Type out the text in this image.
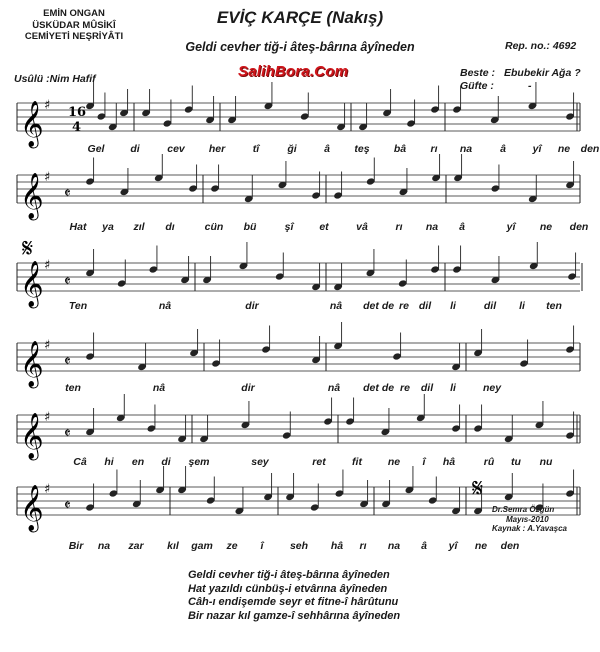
EMİN ONGAN
ÜSKÜDAR MÛSİKÎ
CEMİYETİ NEŞRİYÂTI
EVİÇ KARÇE (Nakış)
Geldi cevher tiğ-i âteş-bârına âyîneden	Rep. no.: 4692
Usûlü :Nim Hafif	SalihBora.Com	Beste : Ebubekir Ağa ?
Güfte :	-
𝄋
𝄋
16
4
𝄞 ♯
𝄞 ♯
𝄵
𝄞 ♯
𝄵
𝄞 ♯
𝄵
𝄞 ♯
𝄵
𝄞 ♯
𝄵
Gel di	cev her	tî	ği	â teş bâ rı na	â	yî ne den
Hat ya zıl dı	cün bü	şî et	vâ	rı na â	yî ne den
Ten	nâ	dir	nâ det de re dil li	dil li ten
ten	nâ	dir	nâ det de re dil li	ney
Câ hi en di şem	sey	ret	fit ne î hâ	rû tu nu
Bir na zar kıl gam ze î	seh hâ rı na â yî ne den
Dr.Semra Özgün
Mayıs-2010
Kaynak : A.Yavaşca
Geldi cevher tiğ-i âteş-bârına âyîneden
Hat yazıldı cünbüş-i etvârına âyîneden
Câh-ı endişemde seyr et fitne-î hârûtunu
Bir nazar kıl gamze-î sehhârına âyîneden
